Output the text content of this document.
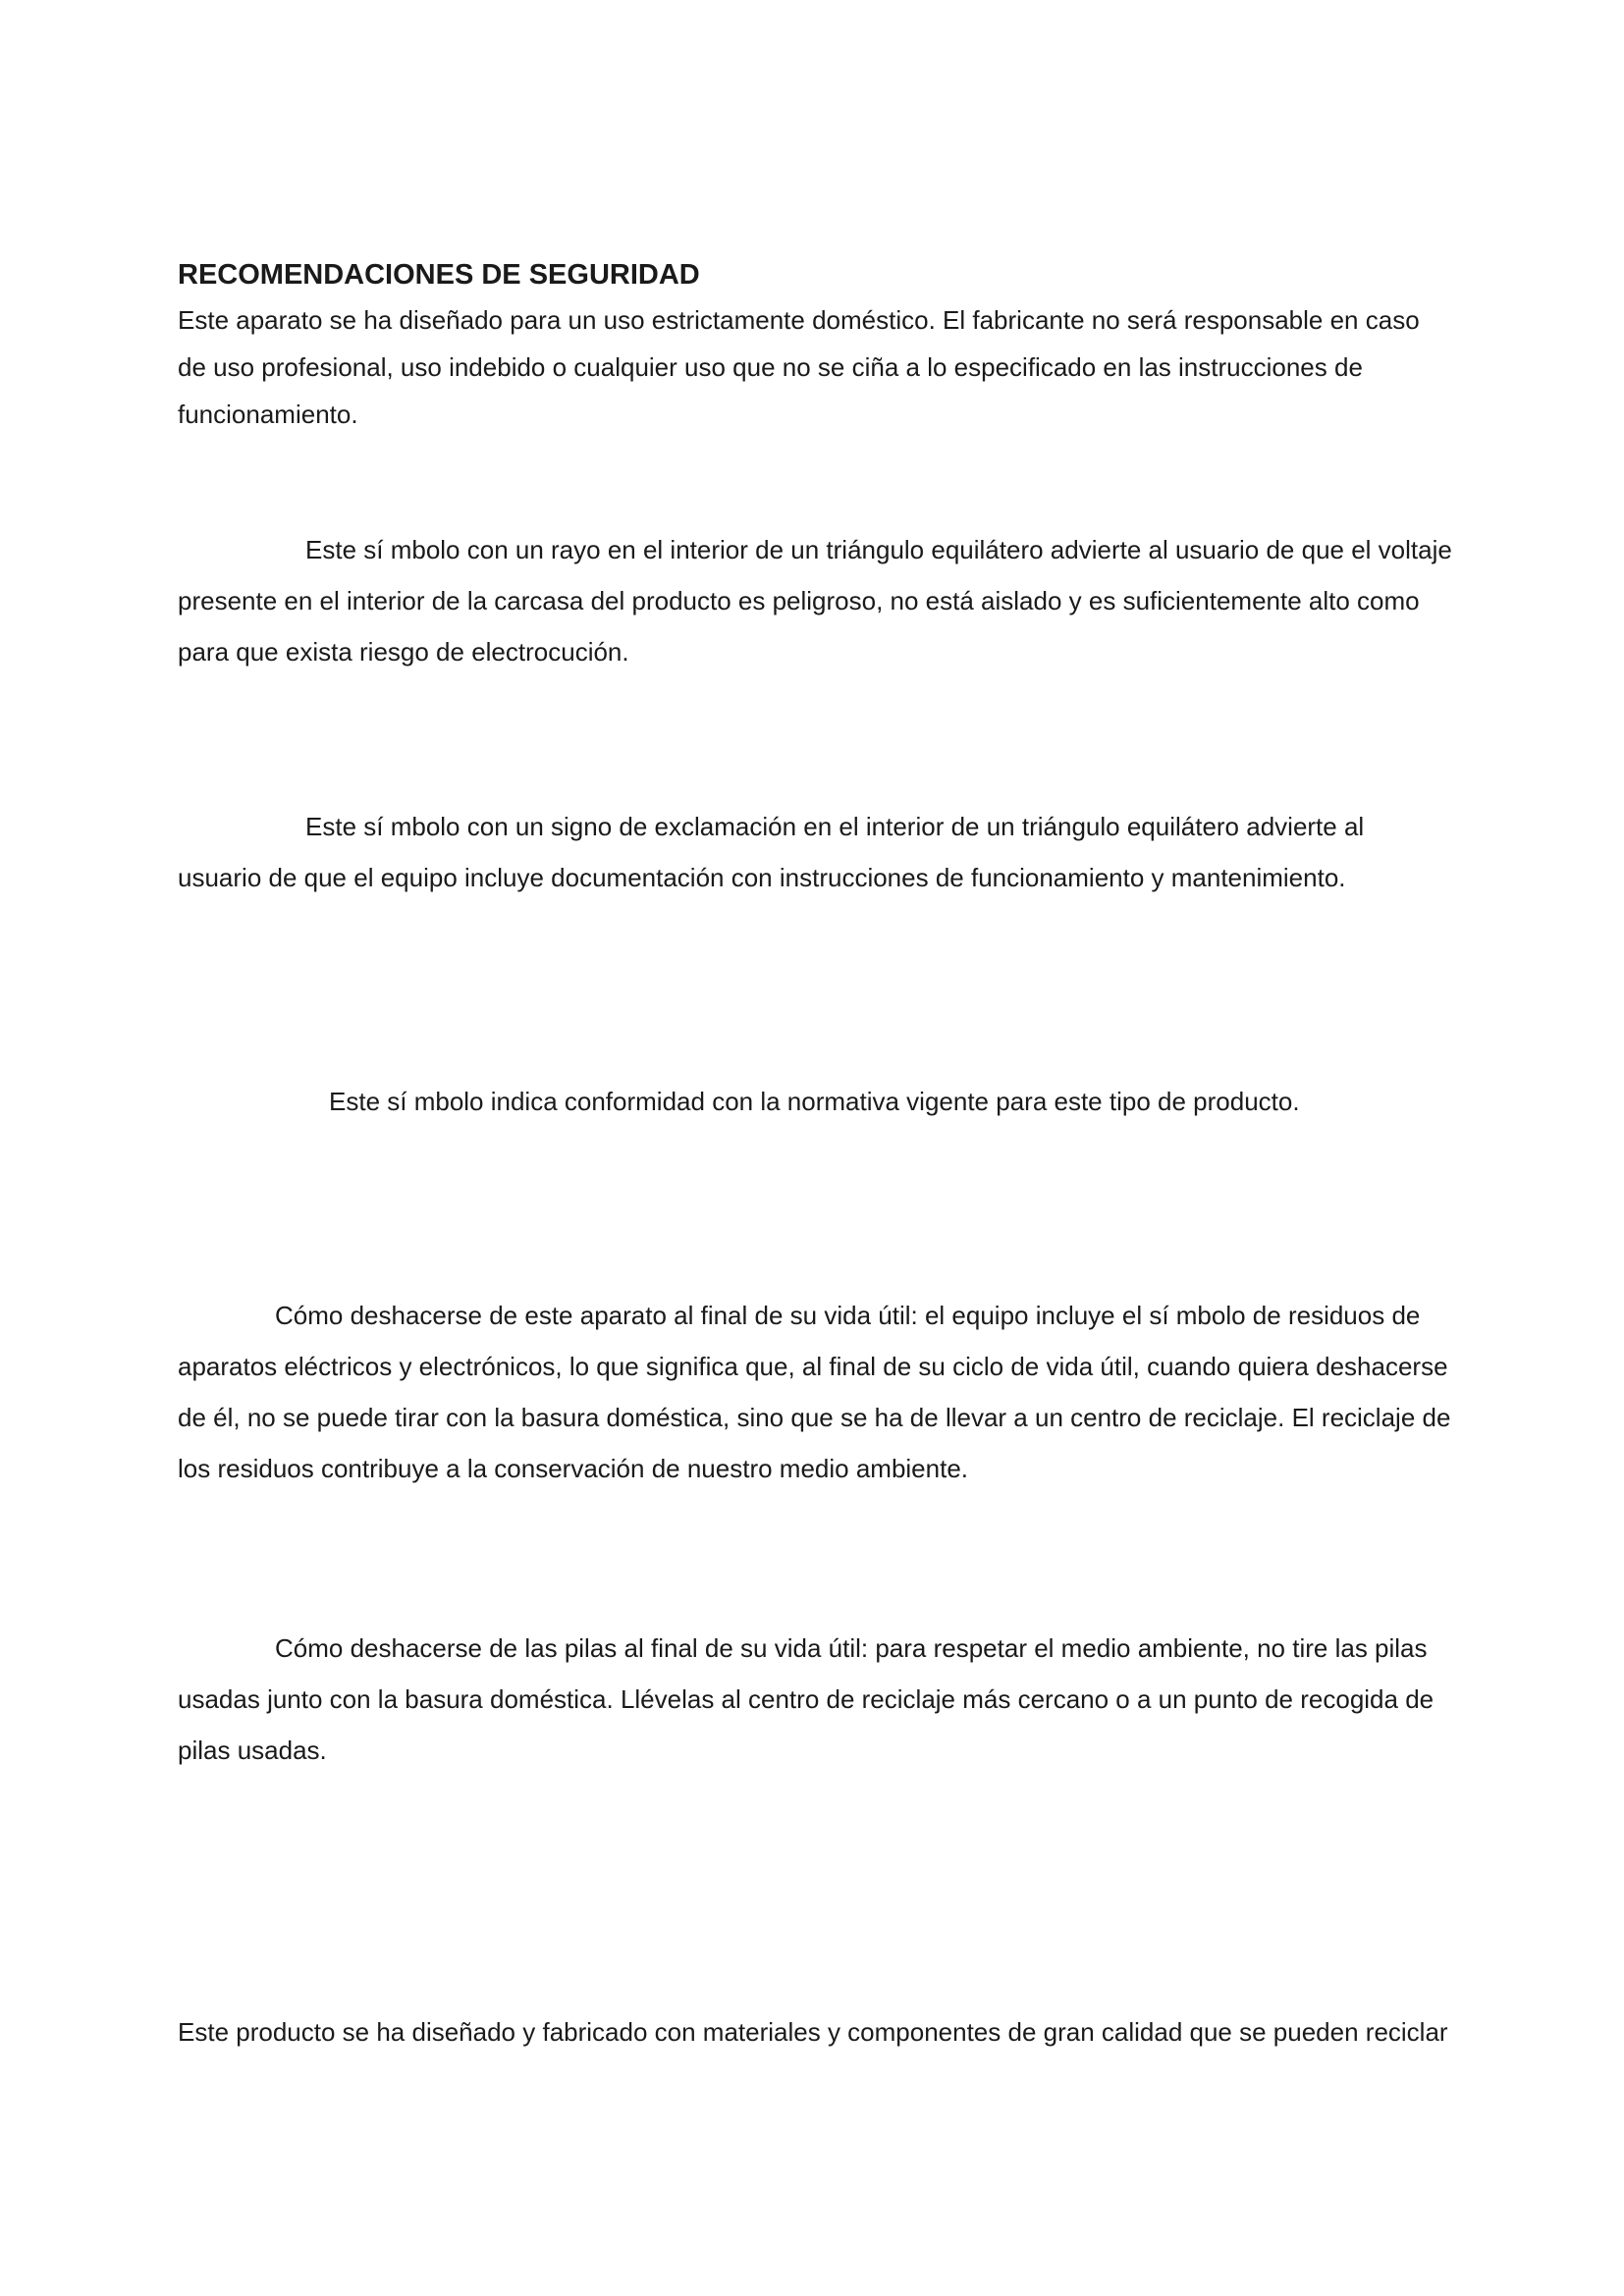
RECOMENDACIONES DE SEGURIDAD

Este aparato se ha diseñado para un uso estrictamente doméstico. El fabricante no será responsable en caso de uso profesional, uso indebido o cualquier uso que no se ciña a lo especificado en las instrucciones de funcionamiento.

Este sí mbolo con un rayo en el interior de un triángulo equilátero advierte al usuario de que el voltaje presente en el interior de la carcasa del producto es peligroso, no está aislado y es suficientemente alto como para que exista riesgo de electrocución.

Este sí mbolo con un signo de exclamación en el interior de un triángulo equilátero advierte al usuario de que el equipo incluye documentación con instrucciones de funcionamiento y mantenimiento.

Este sí mbolo indica conformidad con la normativa vigente para este tipo de producto.

Cómo deshacerse de este aparato al final de su vida útil: el equipo incluye el sí mbolo de residuos de aparatos eléctricos y electrónicos, lo que significa que, al final de su ciclo de vida útil, cuando quiera deshacerse de él, no se puede tirar con la basura doméstica, sino que se ha de llevar a un centro de reciclaje. El reciclaje de los residuos contribuye a la conservación de nuestro medio ambiente.

Cómo deshacerse de las pilas al final de su vida útil: para respetar el medio ambiente, no tire las pilas usadas junto con la basura doméstica. Llévelas al centro de reciclaje más cercano o a un punto de recogida de pilas usadas.

Este producto se ha diseñado y fabricado con materiales y componentes de gran calidad que se pueden reciclar
